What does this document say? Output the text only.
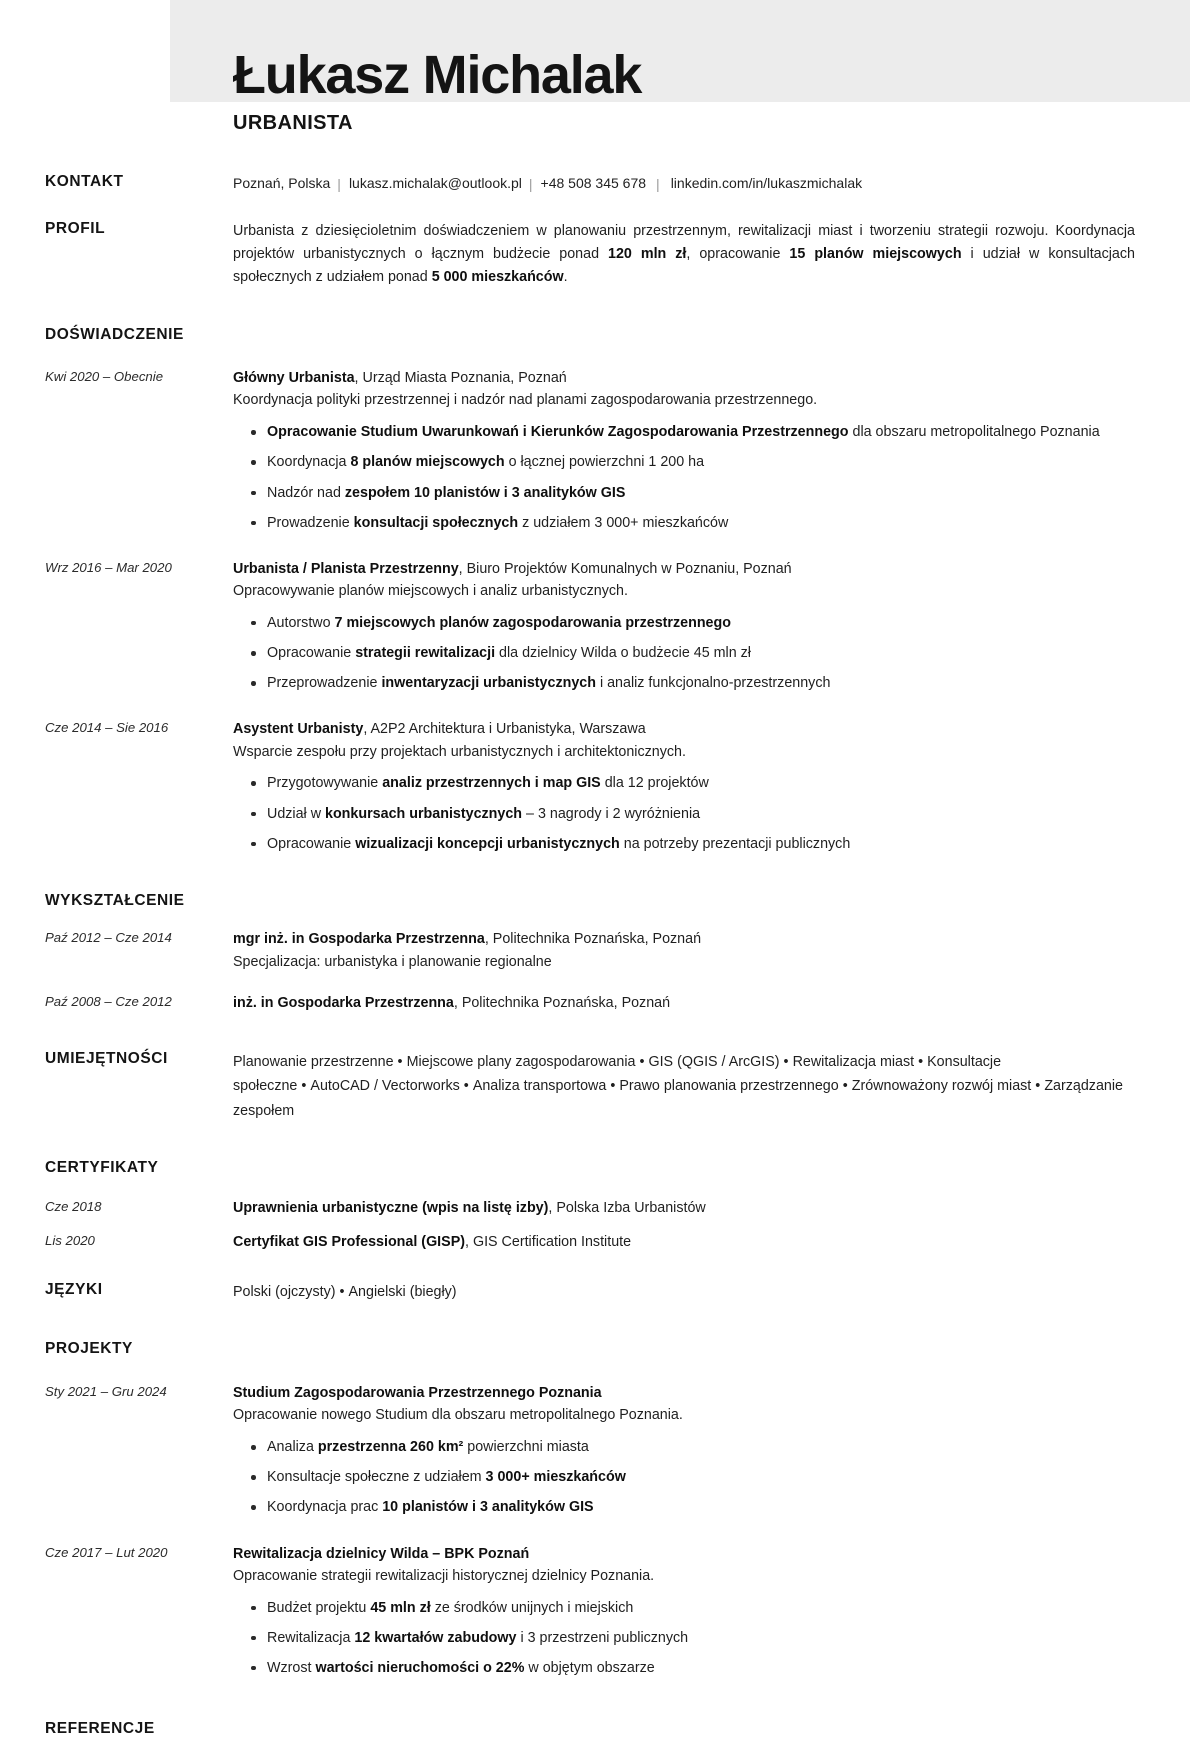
Łukasz Michalak
URBANISTA
KONTAKT	Poznań, Polska | lukasz.michalak@outlook.pl | +48 508 345 678 | linkedin.com/in/lukaszmichalak
PROFIL	Urbanista z dziesięcioletnim doświadczeniem w planowaniu przestrzennym, rewitalizacji miast i tworzeniu strategii rozwoju. Koordynacja projektów urbanistycznych o łącznym budżecie ponad 120 mln zł, opracowanie 15 planów miejscowych i udział w konsultacjach społecznych z udziałem ponad 5 000 mieszkańców.

DOŚWIADCZENIE
Kwi 2020 – Obecnie	Główny Urbanista, Urząd Miasta Poznania, Poznań
Koordynacja polityki przestrzennej i nadzór nad planami zagospodarowania przestrzennego.
Opracowanie Studium Uwarunkowań i Kierunków Zagospodarowania Przestrzennego dla obszaru metropolitalnego Poznania
Koordynacja 8 planów miejscowych o łącznej powierzchni 1 200 ha
Nadzór nad zespołem 10 planistów i 3 analityków GIS
Prowadzenie konsultacji społecznych z udziałem 3 000+ mieszkańców
Wrz 2016 – Mar 2020	Urbanista / Planista Przestrzenny, Biuro Projektów Komunalnych w Poznaniu, Poznań
Opracowywanie planów miejscowych i analiz urbanistycznych.
Autorstwo 7 miejscowych planów zagospodarowania przestrzennego
Opracowanie strategii rewitalizacji dla dzielnicy Wilda o budżecie 45 mln zł
Przeprowadzenie inwentaryzacji urbanistycznych i analiz funkcjonalno-przestrzennych
Cze 2014 – Sie 2016	Asystent Urbanisty, A2P2 Architektura i Urbanistyka, Warszawa
Wsparcie zespołu przy projektach urbanistycznych i architektonicznych.
Przygotowywanie analiz przestrzennych i map GIS dla 12 projektów
Udział w konkursach urbanistycznych – 3 nagrody i 2 wyróżnienia
Opracowanie wizualizacji koncepcji urbanistycznych na potrzeby prezentacji publicznych
WYKSZTAŁCENIE
Paź 2012 – Cze 2014	mgr inż. in Gospodarka Przestrzenna, Politechnika Poznańska, Poznań
Specjalizacja: urbanistyka i planowanie regionalne
Paź 2008 – Cze 2012	inż. in Gospodarka Przestrzenna, Politechnika Poznańska, Poznań
UMIEJĘTNOŚCI	Planowanie przestrzenne • Miejscowe plany zagospodarowania • GIS (QGIS / ArcGIS) • Rewitalizacja miast • Konsultacje społeczne • AutoCAD / Vectorworks • Analiza transportowa • Prawo planowania przestrzennego • Zrównoważony rozwój miast • Zarządzanie zespołem
CERTYFIKATY
Cze 2018	Uprawnienia urbanistyczne (wpis na listę izby), Polska Izba Urbanistów
Lis 2020	Certyfikat GIS Professional (GISP), GIS Certification Institute
JĘZYKI	Polski (ojczysty) • Angielski (biegły)
PROJEKTY
Sty 2021 – Gru 2024	Studium Zagospodarowania Przestrzennego Poznania
Opracowanie nowego Studium dla obszaru metropolitalnego Poznania.
Analiza przestrzenna 260 km² powierzchni miasta
Konsultacje społeczne z udziałem 3 000+ mieszkańców
Koordynacja prac 10 planistów i 3 analityków GIS
Cze 2017 – Lut 2020	Rewitalizacja dzielnicy Wilda – BPK Poznań
Opracowanie strategii rewitalizacji historycznej dzielnicy Poznania.
Budżet projektu 45 mln zł ze środków unijnych i miejskich
Rewitalizacja 12 kwartałów zabudowy i 3 przestrzeni publicznych
Wzrost wartości nieruchomości o 22% w objętym obszarze
REFERENCJE
